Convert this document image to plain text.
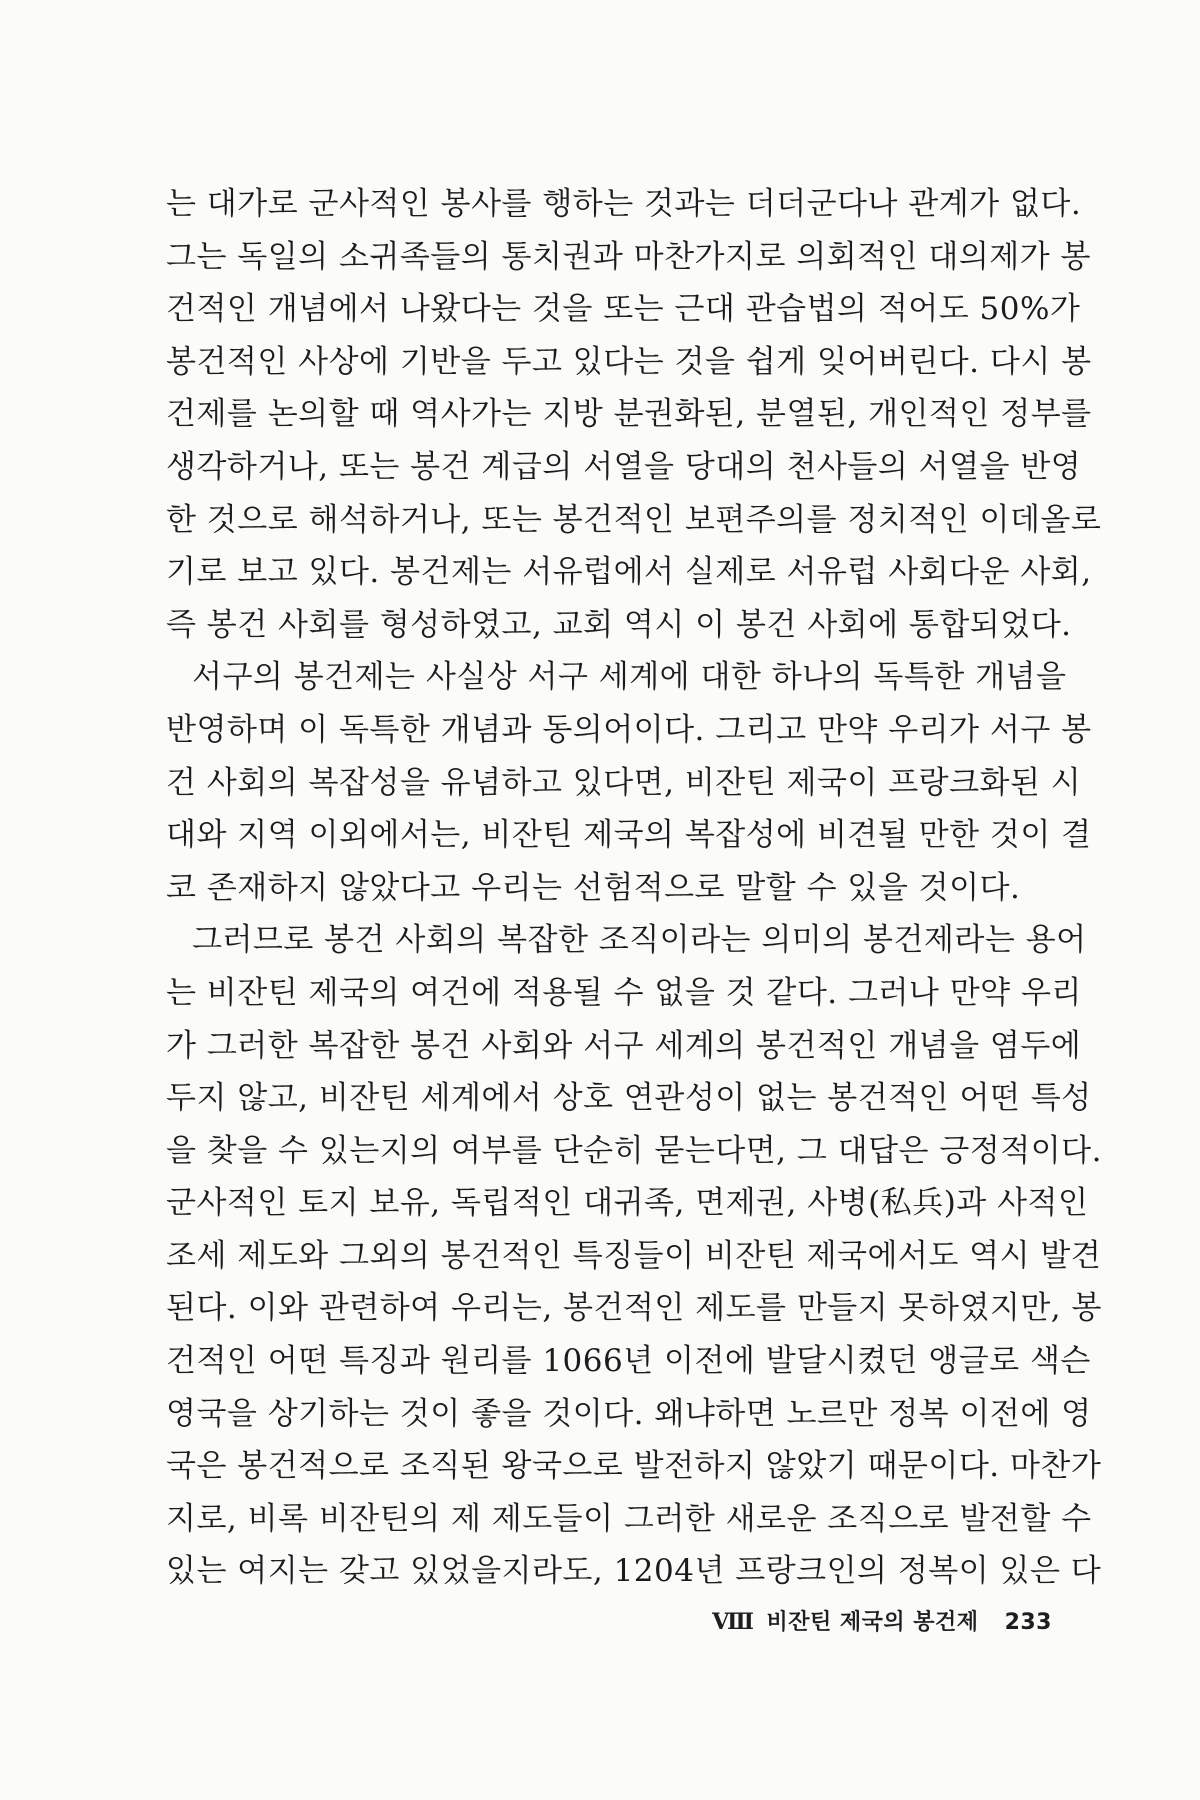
는 대가로 군사적인 봉사를 행하는 것과는 더더군다나 관계가 없다.
그는 독일의 소귀족들의 통치권과 마찬가지로 의회적인 대의제가 봉
건적인 개념에서 나왔다는 것을 또는 근대 관습법의 적어도 50%가
봉건적인 사상에 기반을 두고 있다는 것을 쉽게 잊어버린다. 다시 봉
건제를 논의할 때 역사가는 지방 분권화된, 분열된, 개인적인 정부를
생각하거나, 또는 봉건 계급의 서열을 당대의 천사들의 서열을 반영
한 것으로 해석하거나, 또는 봉건적인 보편주의를 정치적인 이데올로
기로 보고 있다. 봉건제는 서유럽에서 실제로 서유럽 사회다운 사회,
즉 봉건 사회를 형성하였고, 교회 역시 이 봉건 사회에 통합되었다.
서구의 봉건제는 사실상 서구 세계에 대한 하나의 독특한 개념을
반영하며 이 독특한 개념과 동의어이다. 그리고 만약 우리가 서구 봉
건 사회의 복잡성을 유념하고 있다면, 비잔틴 제국이 프랑크화된 시
대와 지역 이외에서는, 비잔틴 제국의 복잡성에 비견될 만한 것이 결
코 존재하지 않았다고 우리는 선험적으로 말할 수 있을 것이다.
그러므로 봉건 사회의 복잡한 조직이라는 의미의 봉건제라는 용어
는 비잔틴 제국의 여건에 적용될 수 없을 것 같다. 그러나 만약 우리
가 그러한 복잡한 봉건 사회와 서구 세계의 봉건적인 개념을 염두에
두지 않고, 비잔틴 세계에서 상호 연관성이 없는 봉건적인 어떤 특성
을 찾을 수 있는지의 여부를 단순히 묻는다면, 그 대답은 긍정적이다.
군사적인 토지 보유, 독립적인 대귀족, 면제권, 사병(私兵)과 사적인
조세 제도와 그외의 봉건적인 특징들이 비잔틴 제국에서도 역시 발견
된다. 이와 관련하여 우리는, 봉건적인 제도를 만들지 못하였지만, 봉
건적인 어떤 특징과 원리를 1066년 이전에 발달시켰던 앵글로 색슨
영국을 상기하는 것이 좋을 것이다. 왜냐하면 노르만 정복 이전에 영
국은 봉건적으로 조직된 왕국으로 발전하지 않았기 때문이다. 마찬가
지로, 비록 비잔틴의 제 제도들이 그러한 새로운 조직으로 발전할 수
있는 여지는 갖고 있었을지라도, 1204년 프랑크인의 정복이 있은 다
Ⅷ 비잔틴 제국의 봉건제 233
